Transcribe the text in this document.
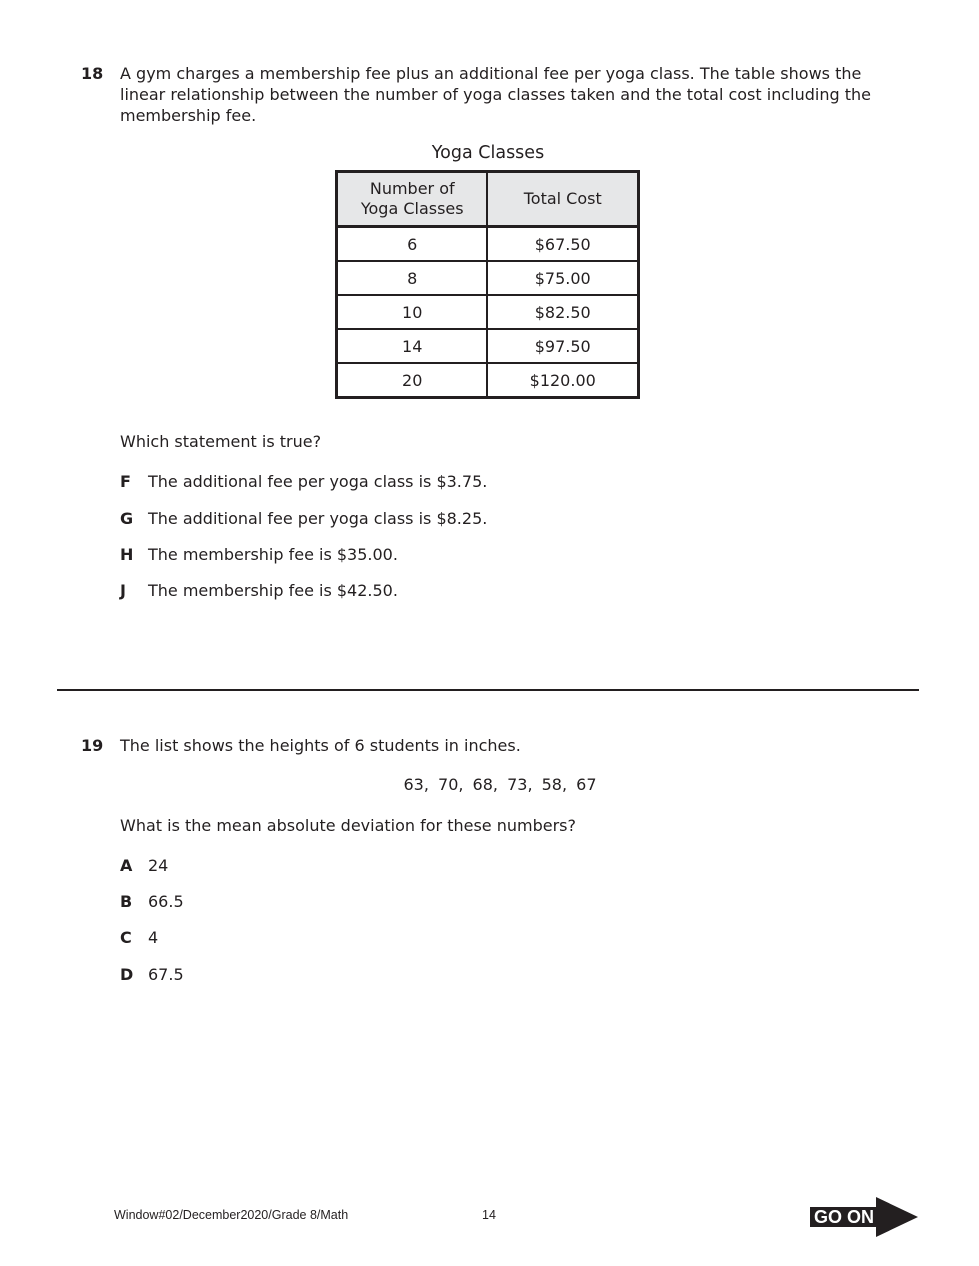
18 A gym charges a membership fee plus an additional fee per yoga class. The table shows the
linear relationship between the number of yoga classes taken and the total cost including the
membership fee.
Yoga Classes
Number of
Yoga Classes	Total Cost
6	$67.50
8	$75.00
10	$82.50
14	$97.50
20	$120.00
Which statement is true?
F The additional fee per yoga class is $3.75.
G The additional fee per yoga class is $8.25.
H The membership fee is $35.00.
J The membership fee is $42.50.
19 The list shows the heights of 6 students in inches.
63, 70, 68, 73, 58, 67
What is the mean absolute deviation for these numbers?
A 24
B 66.5
C 4
D 67.5
Window#02/December2020/Grade 8/Math	14	GO ON
